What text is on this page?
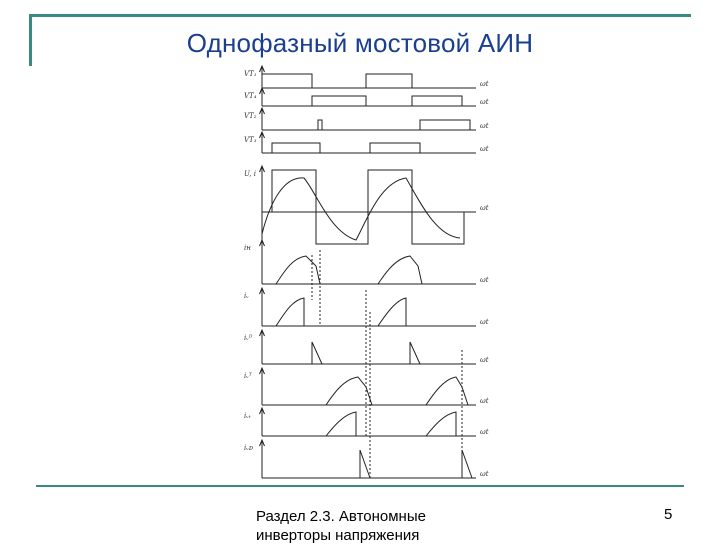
Однофазный мостовой АИН
VT₁
ωt
VT₄
ωt
VT₂
ωt
VT₃
ωt
U, i
ωt
iн
ωt
iᵥ
ωt
iᵥᴰ
ωt
iᵥᵀ
ωt
iᵥₜ
ωt
iᵥᴅ
ωt
Раздел 2.3. Автономные инверторы напряжения
5
